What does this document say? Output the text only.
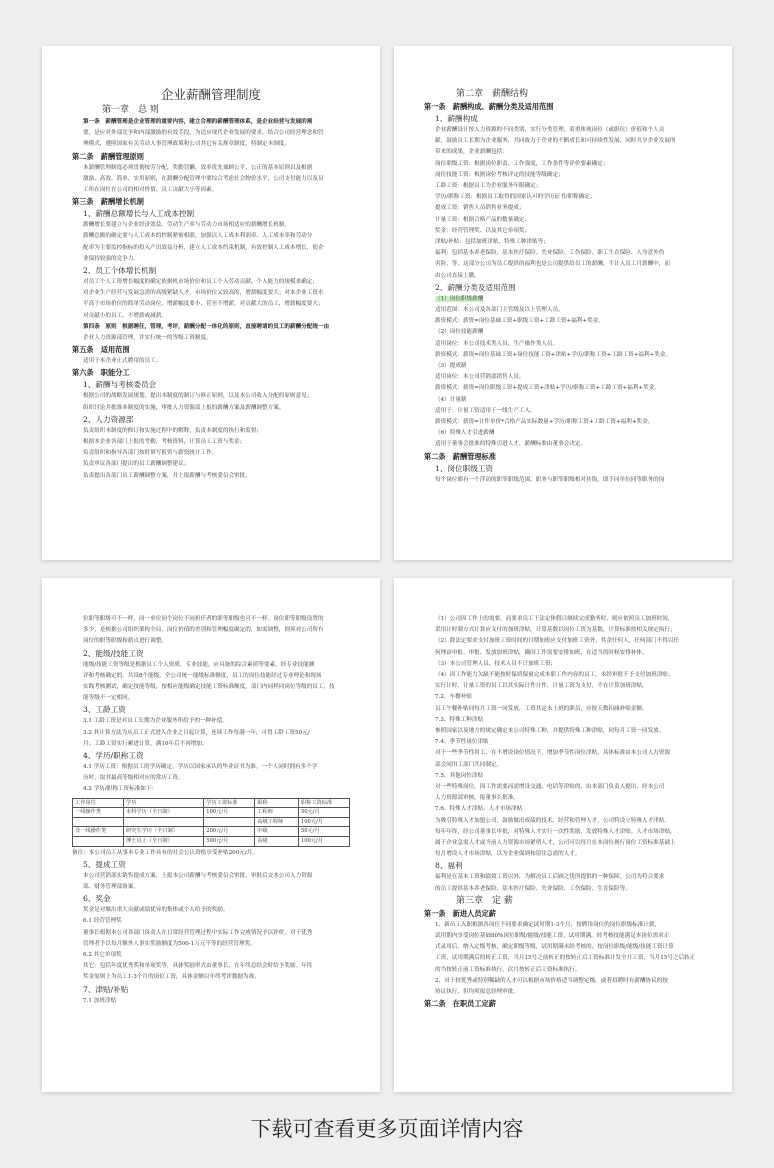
企业薪酬管理制度
第一章　总 则
第一条　薪酬管理是企业管理的重要内容，建立合理的薪酬管理体系，是企业经营与发展的需
要，是应对外部竞争和内部激励的有效手段。为适应现代企业发展的要求，结合公司经营理念和管
理模式，遵照国家有关劳动人事管理政策和公司其它有关规章制度，特制定本制度。
第二条　薪酬管理原则
本薪酬管理制度必须贯彻按劳分配，奖勤罚懒，效率优先兼顾公平，公正的基本原则以及根据
激励、高效、简单、实用原则，在薪酬分配管理中要综合考虑社会物价水平，公司支付能力以及员
工所在岗位在公司的相对价值、员工贡献大小等因素。
第三条　薪酬增长机制
1、薪酬总额增长与人工成本控制
薪酬增长要建立与企业经济效益、劳动生产率与劳动力市场相适应的薪酬增长机制。
薪酬总额的确定要与人工成本的控制紧密相联，加强以人工成本利润率、人工成本率和劳动分
配率为主要监控指标的投入产出效益分析，建立人工成本约束机制，有效控制人工成本增长，使企
业保持较强的竞争力。
2、员工个体增长机制
对员工个人工资增长幅度的确定依据机市场价位和员工个人劳动贡献、个人能力的规模来确定；
对企业生产经营与发展急需的高级紧缺人才，市场价位又较高的，增薪幅度要大；对本企业工资水
平高于市场价位的简单劳动岗位，增薪幅度要小，甚至不增薪，对贡献大的员工，增薪幅度要大；
对贡献小的员工，不增薪或减薪。
第四条　原则　根据聘任，管理，考评，薪酬分配一体化的原则，直接聘请的员工的薪酬分配统一由
企业人力资源部管理，并实行统一的等级工资制度。
第五条　适用范围
适用于本企业正式聘用的员工。
第六条　职能分工
1、薪酬与考核委员会
根据公司的战略发展规划，提出本制度的制订与修正原则，以及本公司收入分配的原则意见；
组织讨论并批准本制度的实施，审批人力资源部上报的薪酬方案及薪酬调整方案。
2、人力资源部
负责组织本制度的修订和实施过程中的解释，负责本制度的执行和监督；
根据本企业各部门上报的考勤，考核资料，计算员工工资与奖金；
负责组织和指导各部门按时填写报资与薪资统计工作。
负责审议各部门提出的员工薪酬调整建议；
负责提出各部门员工薪酬调整方案，并上报薪酬与考核委员会审批。
第二章　薪酬结构
第一条　薪酬构成、薪酬分类及适用范围
1、薪酬构成
企业薪酬设计按人力资源的不同类别，实行分类管理，着重体现岗位（或职位）价值和个人贡
献，鼓励员工长期为企业服务，共同致力于企业的不断成长和可持续性发展，同时共享企业发展所
带来的成果，企业薪酬包括：
岗位职级工资：根据岗位职责、工作强度，工作条件等评价要素确定；
岗位技能工资：根据岗位考核评定的技能等级确定；
工龄工资：根据员工为企业服务年限确定；
学历/职称工资：根据员工取得的国家认可的学历证书/职称确定；
提成工资：销售人员销售业务提成；
计量工资：根据合格产品的数量确定；
奖金：经营管理奖、以及其它单项奖；
津贴/补贴：包括加班津贴、特殊工种津贴等；
福利：包括基本养老保险、基本医疗保险、失业保险、工伤保险、职工生育保险、人身意外伤
害险、等，这部分公司为员工提供的福利也是公司提供给员工的薪酬，不计入员工月薪酬中，而
由公司直接上缴。
2、薪酬分类及适用范围
（1）岗位职级薪酬
适用范围：本公司及各部门主管级及以上管理人员。
薪资模式：薪资=岗位基础工资+职级工资+工龄工资+福利+奖金。
（2）岗位技能薪酬
适用岗位：本公司技术类人员，生产操作类人员。
薪资模式：薪资=岗位基础工资+岗位技能工资+津贴+学历/职称工资+工龄工资+福利+奖金。
（3）提成制
适用岗位：本公司营销部销售人员。
薪资模式：薪资=岗位职级工资+提成工资+津贴+学历/职称工资+工龄工资+福利+奖金。
（4）计量制
适用于：计量工资适用于一线生产工人。
薪资模式：薪资=计件单价*合格产品实际数量+学历/职称工资+工龄工资+福利+奖金。
（6）特殊人才引进薪酬
适用于董事会批准的特殊引进人才，薪酬标准由董事会决定。
第二条　薪酬管理标准
1、岗位职级工资
每个岗位都有一个浮动的职等职级范围，职务与职等职级相对挂钩，即不同单位同等职务的岗
位职等职级可不一样，同一单位同个岗位不同担任者的职等职级也可不一样。岗位职等职级设置的
多少，是根据公司组织架构全局，岗位价值的差别和管理幅度确定的，如需调整，则须对公司所有
岗位的职等职级和薪点进行调整。
2、能级/技能工资
能级/技能工资等级是根据员工个人资质，专业技能，应具备的综合素质等要素，经专业技能测
评和考核确定的，共设8个能级，全公司统一能级标准额度，员工的岗位技能经过专业理论和现场
实践考核测试，确定技能等级，按相应能级确定技能工资标准额度。部门内同样同岗位等级的员工，技
能等级不一定相同。
3、工龄工资
3.1 工龄工资是对员工长期为企业服务所给予的一种补偿。
3.2 其计算方法为从员工正式进入企业之日起计算，连续工作每满一年，可得工龄工资50元/
月；工龄工资实行累进计算，满10年后不再增加。
4、学历/职称工资
4.1 学历工资：根据员工的学历确定。学历以国家承认的毕业证书为准。一个人同时拥有多个学
历时，取其最高等级相对应的常历工资。
4.2 学历/职称工资标准如下：
工作岗位	学历	学历工资标准	职称	职称工资标准
一线操作类	本科学历（全日制）	100元/月	工程师	50元/月
			高级工程师	100元/月
非一线操作类	研究生学历（全日制）	200元/月	中级	50元/月
	博士以上（全日制）	500元/月	高级	100元/月
备注：本公司员工从事本专业工作具有的社会公认资格享受补贴200元/月。
5、提成工资
本公司营销部实销售提成方案，上报本公司薪酬与考核委员会审批，审批后交本公司人力资源
部、财务管理部备案。
6、奖金
奖金是对做出重大贡献或绩优异的集体或个人给予的奖励。
6.1 经营管理奖
董事长根据本公司各部门负责人在日常经营管理过程中实际工作完成情况予以评价，对于优秀
管理者予以每月额外人事实奖励额度为500-1万元不等的经营管理奖。
6.2 其它单项奖
其它：包括年度优秀奖和单项奖等，具体奖励形式由董事长，在年终总结会时给予奖励。年终
奖金原则上为员工1-3个月的岗位工资，具体金额以年终考评数据为准。
7、津贴/补贴
7.1 加班津贴
（1）公司因工作上的需要，而要求员工于法定休假日继续完成勤务时，则应依照员工加班时间，
采用计时制方式计算应支付的加班津贴，计算基数以岗位工资为基数，计算标准按相关规定执行；
（2）除法定要求支付加班工资时间的日期加班应支付加班工资外，其余任何人，任何部门不得以任
何理由申报、审批、发放加班津贴，确因工作需要安排加班，在适当的时候安排补休。
（3）本公司管理人员、技术人员不计加班工资；
（4）因工作能力欠缺不能按时保质保量完成本职工作内容的员工，未经审批不予支付加班津贴；
实行计时、计量工资的员工以其实际计件计件，计量工资为支付，不在计算加班津贴。
7.2、车餐补贴
员工午餐补贴同每月工资一同发放，工资其定未上班的职员，应按天数扣减补贴金额。
7.3、特殊工种津贴
参照国家以及地方的规定确定本公司特殊工种，并提供特殊工种津贴，同每月工资一同发放。
7.4、季节性岗位津贴
对于一些季节性用工，在不增设岗位情况下，增加季节性岗位津贴，具体标准由本公司人力资源
部会同用工部门共同制定。
7.5、其他岗位津贴
对一些特殊岗位，因工作需要而需增设交通、电话等津贴的，由本部门负责人提出，经本公司
人力资源部审核，报董事长批准。
7.6、特殊人才津贴、人才市场津贴
为吸引特殊人才加盟公司，鼓励做出成绩的技术、经营和管理人才，公司特设立特殊人才津贴，
每年年终，经公司董事长审批，对特殊人才实行一次性奖励，发放特殊人才津贴。人才市场津贴，
属于企业急需人才或当前人力资源市场紧俏人才，公司可以每月在本岗位现行岗位工资标准基础上
每月增设人才市场津贴，以为企业保到和留住急需的人才。
8、福利
福利是在基本工资和绩效工资以外，为解决员工后顾之忧所提供的一种保障。公司为符合要求
的员工提供基本养老保险、基本医疗保险、失业保险、工伤保险、生育保险等。
第三章　定 薪
第一条　新进人员定薪
1、新员工入职根据各岗位不同要求确定试用期1-3个月，按聘用岗位的岗位职级标准计薪，
试用期内享受岗位基础80%岗位职级/能级/技能工资，试用期满，经考核技能满足本岗位需求正
式录用后，纳入定级考核，确定职级等级，试用期满未经考核的，按岗位职级/能级/技能工资计算
工资，试用期满后的转正工资，当月15号之前转正的按转正后工资标准计发全月工资，当月15号之后转正
的当按转正前工资标准执行，次月按转正后工资标准执行。
2、对于较优秀或特别稀缺的人才可以根据市场价格适当调整定级，或者招聘时有薪酬协议的按
协议执行，但均须报总经理审批。
第二条　在职员工定薪
下载可查看更多页面详情内容
